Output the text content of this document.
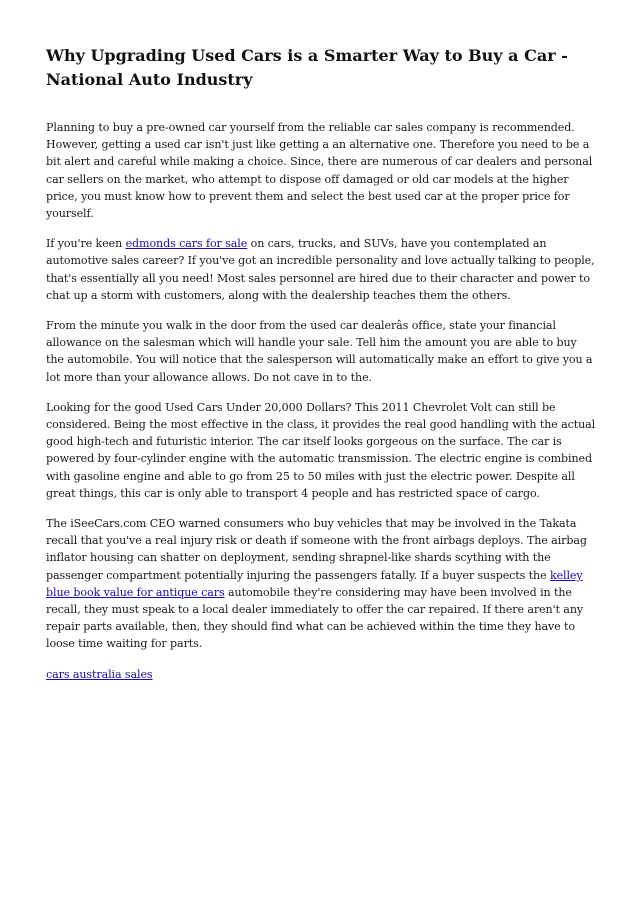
Why Upgrading Used Cars is a Smarter Way to Buy a Car - National Auto Industry

Planning to buy a pre-owned car yourself from the reliable car sales company is recommended. However, getting a used car isn't just like getting a an alternative one. Therefore you need to be a bit alert and careful while making a choice. Since, there are numerous of car dealers and personal car sellers on the market, who attempt to dispose off damaged or old car models at the higher price, you must know how to prevent them and select the best used car at the proper price for yourself.

If you're keen edmonds cars for sale on cars, trucks, and SUVs, have you contemplated an automotive sales career? If you've got an incredible personality and love actually talking to people, that's essentially all you need! Most sales personnel are hired due to their character and power to chat up a storm with customers, along with the dealership teaches them the others.

From the minute you walk in the door from the used car dealerâs office, state your financial allowance on the salesman which will handle your sale. Tell him the amount you are able to buy the automobile. You will notice that the salesperson will automatically make an effort to give you a lot more than your allowance allows. Do not cave in to the.

Looking for the good Used Cars Under 20,000 Dollars? This 2011 Chevrolet Volt can still be considered. Being the most effective in the class, it provides the real good handling with the actual good high-tech and futuristic interior. The car itself looks gorgeous on the surface. The car is powered by four-cylinder engine with the automatic transmission. The electric engine is combined with gasoline engine and able to go from 25 to 50 miles with just the electric power. Despite all great things, this car is only able to transport 4 people and has restricted space of cargo.

The iSeeCars.com CEO warned consumers who buy vehicles that may be involved in the Takata recall that you've a real injury risk or death if someone with the front airbags deploys. The airbag inflator housing can shatter on deployment, sending shrapnel-like shards scything with the passenger compartment potentially injuring the passengers fatally. If a buyer suspects the kelley blue book value for antique cars automobile they're considering may have been involved in the recall, they must speak to a local dealer immediately to offer the car repaired. If there aren't any repair parts available, then, they should find what can be achieved within the time they have to loose time waiting for parts.

cars australia sales
